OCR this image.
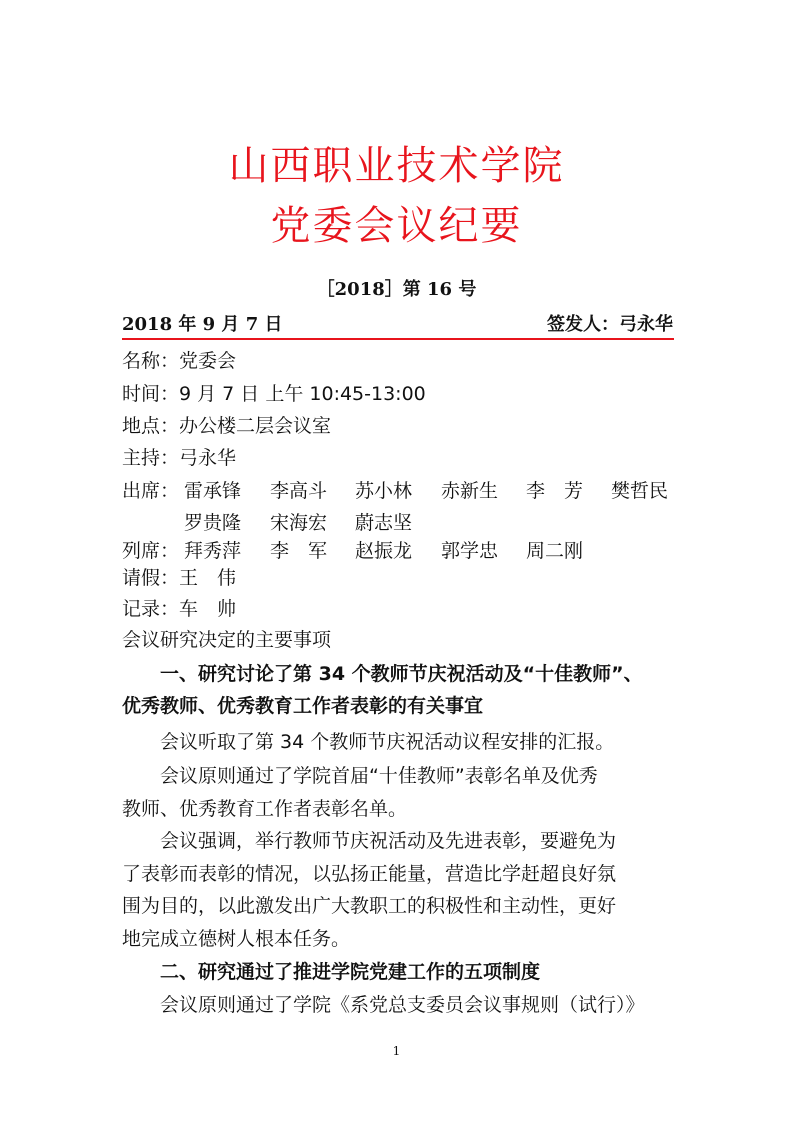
山西职业技术学院
党委会议纪要
［2018］第 16 号
2018 年 9 月 7 日	签发人：弓永华
名称：党委会
时间：9 月 7 日 上午 10:45-13:00
地点：办公楼二层会议室
主持：弓永华
出席： 雷承锋 李高斗 苏小林 赤新生 李　芳 樊哲民
罗贵隆 宋海宏 蔚志坚
列席： 拜秀萍 李　军 赵振龙 郭学忠 周二刚
请假：王　伟
记录：车　帅
会议研究决定的主要事项
一、研究讨论了第 34 个教师节庆祝活动及“十佳教师”、
优秀教师、优秀教育工作者表彰的有关事宜
会议听取了第 34 个教师节庆祝活动议程安排的汇报。
会议原则通过了学院首届“十佳教师”表彰名单及优秀
教师、优秀教育工作者表彰名单。
会议强调，举行教师节庆祝活动及先进表彰，要避免为
了表彰而表彰的情况，以弘扬正能量，营造比学赶超良好氛
围为目的，以此激发出广大教职工的积极性和主动性，更好
地完成立德树人根本任务。
二、研究通过了推进学院党建工作的五项制度
会议原则通过了学院《系党总支委员会议事规则（试行）》
1
